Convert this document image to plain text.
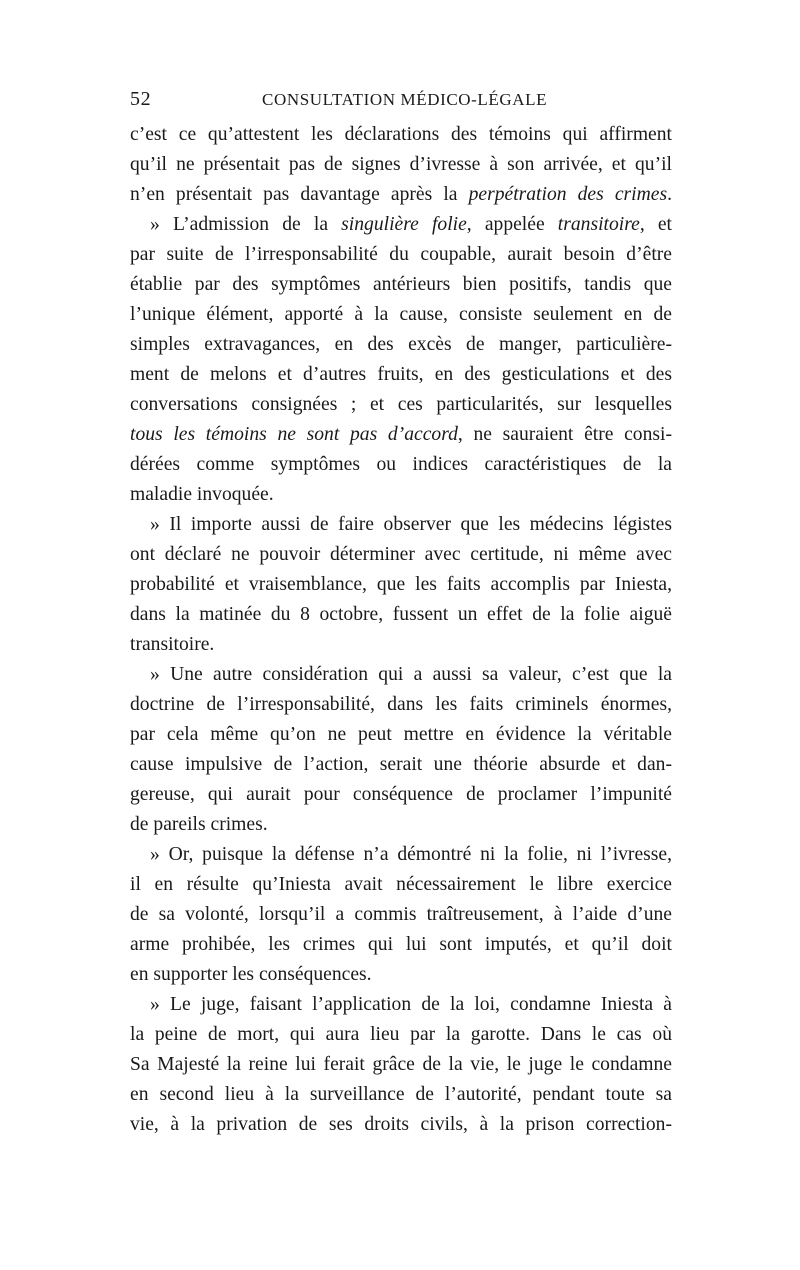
52	CONSULTATION MÉDICO-LÉGALE
c’est ce qu’attestent les déclarations des témoins qui affirment
qu’il ne présentait pas de signes d’ivresse à son arrivée, et qu’il
n’en présentait pas davantage après la perpétration des crimes.
» L’admission de la singulière folie, appelée transitoire, et
par suite de l’irresponsabilité du coupable, aurait besoin d’être
établie par des symptômes antérieurs bien positifs, tandis que
l’unique élément, apporté à la cause, consiste seulement en de
simples extravagances, en des excès de manger, particulière-
ment de melons et d’autres fruits, en des gesticulations et des
conversations consignées ; et ces particularités, sur lesquelles
tous les témoins ne sont pas d’accord, ne sauraient être consi-
dérées comme symptômes ou indices caractéristiques de la
maladie invoquée.
» Il importe aussi de faire observer que les médecins légistes
ont déclaré ne pouvoir déterminer avec certitude, ni même avec
probabilité et vraisemblance, que les faits accomplis par Iniesta,
dans la matinée du 8 octobre, fussent un effet de la folie aiguë
transitoire.
» Une autre considération qui a aussi sa valeur, c’est que la
doctrine de l’irresponsabilité, dans les faits criminels énormes,
par cela même qu’on ne peut mettre en évidence la véritable
cause impulsive de l’action, serait une théorie absurde et dan-
gereuse, qui aurait pour conséquence de proclamer l’impunité
de pareils crimes.
» Or, puisque la défense n’a démontré ni la folie, ni l’ivresse,
il en résulte qu’Iniesta avait nécessairement le libre exercice
de sa volonté, lorsqu’il a commis traîtreusement, à l’aide d’une
arme prohibée, les crimes qui lui sont imputés, et qu’il doit
en supporter les conséquences.
» Le juge, faisant l’application de la loi, condamne Iniesta à
la peine de mort, qui aura lieu par la garotte. Dans le cas où
Sa Majesté la reine lui ferait grâce de la vie, le juge le condamne
en second lieu à la surveillance de l’autorité, pendant toute sa
vie, à la privation de ses droits civils, à la prison correction-
